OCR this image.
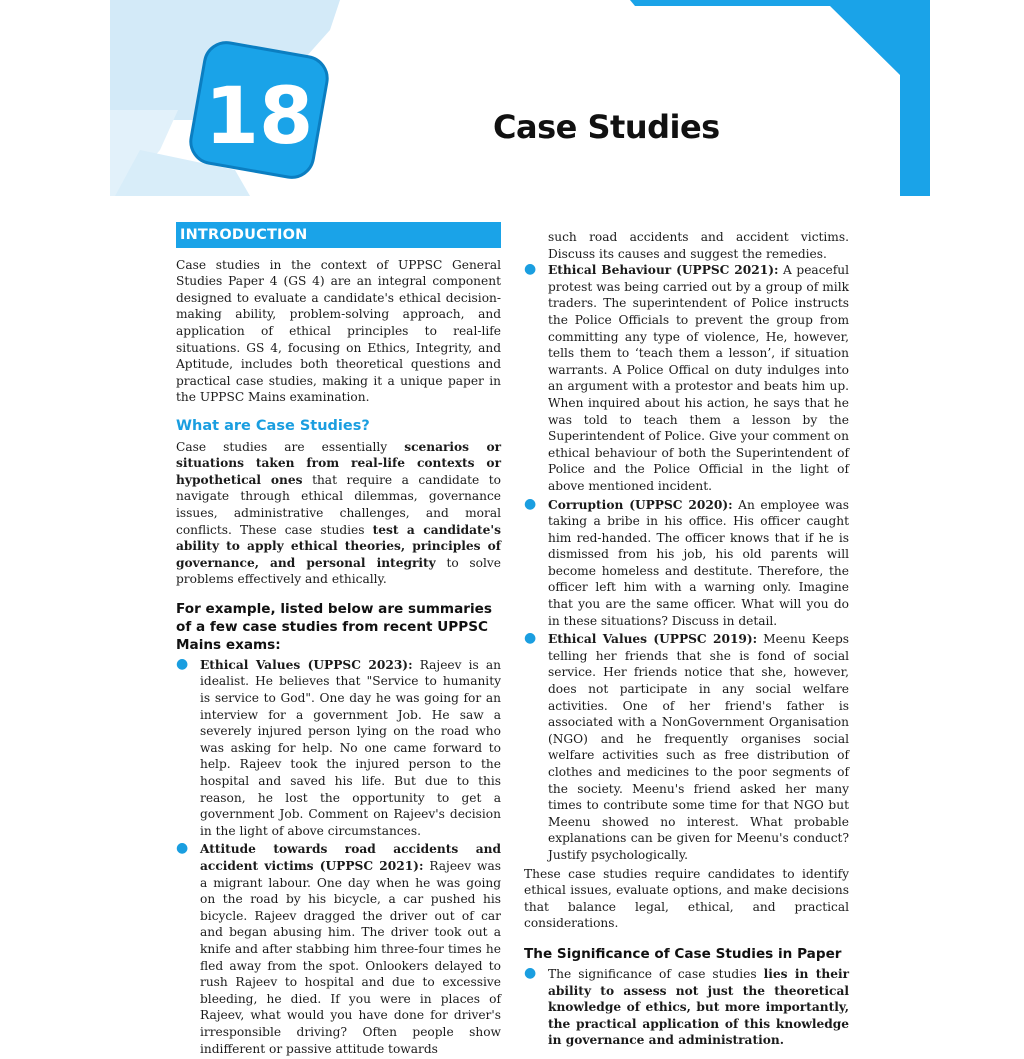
18	Case Studies
INTRODUCTION

Case studies in the context of UPPSC General Studies Paper 4 (GS 4) are an integral component designed to evaluate a candidate's ethical decision-making ability, problem-solving approach, and application of ethical principles to real-life situations. GS 4, focusing on Ethics, Integrity, and Aptitude, includes both theoretical questions and practical case studies, making it a unique paper in the UPPSC Mains examination.

What are Case Studies?

Case studies are essentially scenarios or situations taken from real-life contexts or hypothetical ones that require a candidate to navigate through ethical dilemmas, governance issues, administrative challenges, and moral conflicts. These case studies test a candidate's ability to apply ethical theories, principles of governance, and personal integrity to solve problems effectively and ethically.

For example, listed below are summaries of a few case studies from recent UPPSC Mains exams:
● Ethical Values (UPPSC 2023): Rajeev is an idealist. He believes that "Service to humanity is service to God". One day he was going for an interview for a government Job. He saw a severely injured person lying on the road who was asking for help. No one came forward to help. Rajeev took the injured person to the hospital and saved his life. But due to this reason, he lost the opportunity to get a government Job. Comment on Rajeev's decision in the light of above circumstances.
● Attitude towards road accidents and accident victims (UPPSC 2021): Rajeev was a migrant labour. One day when he was going on the road by his bicycle, a car pushed his bicycle. Rajeev dragged the driver out of car and began abusing him. The driver took out a knife and after stabbing him three-four times he fled away from the spot. Onlookers delayed to rush Rajeev to hospital and due to excessive bleeding, he died. If you were in places of Rajeev, what would you have done for driver's irresponsible driving? Often people show indifferent or passive attitude towards
such road accidents and accident victims. Discuss its causes and suggest the remedies.
● Ethical Behaviour (UPPSC 2021): A peaceful protest was being carried out by a group of milk traders. The superintendent of Police instructs the Police Officials to prevent the group from committing any type of violence, He, however, tells them to ‘teach them a lesson’, if situation warrants. A Police Offical on duty indulges into an argument with a protestor and beats him up. When inquired about his action, he says that he was told to teach them a lesson by the Superintendent of Police. Give your comment on ethical behaviour of both the Superintendent of Police and the Police Official in the light of above mentioned incident.
● Corruption (UPPSC 2020): An employee was taking a bribe in his office. His officer caught him red-handed. The officer knows that if he is dismissed from his job, his old parents will become homeless and destitute. Therefore, the officer left him with a warning only. Imagine that you are the same officer. What will you do in these situations? Discuss in detail.
● Ethical Values (UPPSC 2019): Meenu Keeps telling her friends that she is fond of social service. Her friends notice that she, however, does not participate in any social welfare activities. One of her friend's father is associated with a NonGovernment Organisation (NGO) and he frequently organises social welfare activities such as free distribution of clothes and medicines to the poor segments of the society. Meenu's friend asked her many times to contribute some time for that NGO but Meenu showed no interest. What probable explanations can be given for Meenu's conduct? Justify psychologically.

These case studies require candidates to identify ethical issues, evaluate options, and make decisions that balance legal, ethical, and practical considerations.

The Significance of Case Studies in Paper
● The significance of case studies lies in their ability to assess not just the theoretical knowledge of ethics, but more importantly, the practical application of this knowledge in governance and administration.
